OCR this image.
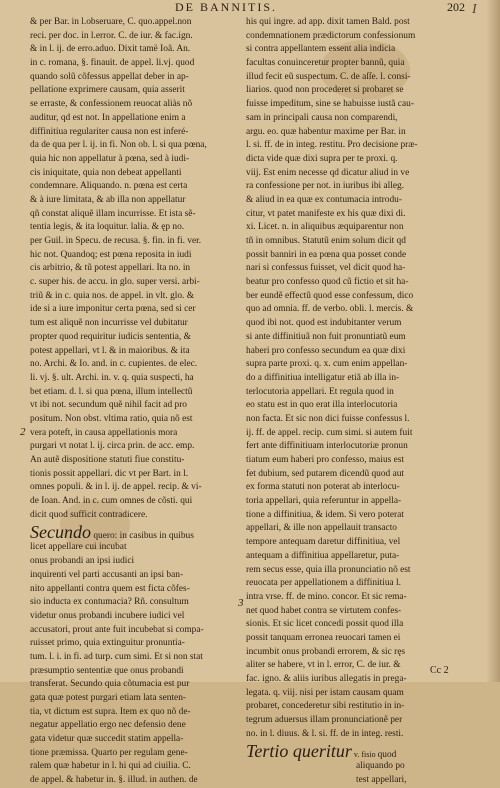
DE BANNITIS.	202 I
& per Bar. in l.obseruare, C. quo.appel.non
reci. per doc. in l.error. C. de iur. & fac.ign.
& in l. ij. de erro.aduo. Dixit tamë Ioã. An.
in c. romana, §. finauit. de appel. li.vj. quod
quando solũ cõfessus appellat deber in ap-
pellatione exprimere causam, quia asserit
se erraste, & confessionem reuocat aliàs nõ
auditur, qd est not. In appellatione enim a
diffinitiua regulariter causa non est inferé-
da de qua per l. ij. in fi. Non ob. l. si qua pœna,
quia hic non appellatur à pœna, sed à iudi-
cis iniquitate, quia non debeat appellanti
condemnare. Aliquando. n. pœna est certa
& à iure limitata, & ab illa non appellatur
qñ constat aliquẽ illam incurrisse. Et ista sẽ-
tentia legis, & ita loquitur. lalia. & ęp no.
per Guil. in Specu. de recusa. §. fin. in fi. ver.
hic not. Quandoq; est pœna reposita in iudi
cis arbitrio, & tũ potest appellari. Ita no. in
c. super his. de accu. in glo. super versi. arbi-
triũ & in c. quia nos. de appel. in vlt. glo. &
ide si a iure imponitur certa pœna, sed si cer
tum est aliquẽ non incurrisse vel dubitatur
propter quod requiritur iudicis sententia, &
potest appellari, vt l. & in maioribus. & ita
no. Archi. & Io. and. in c. cupientes. de elec.
li. vj. §. ult. Archi. in. v. q. quia suspecti, ha
bet etiam. d. l. si qua pœna, illum intellectũ
vt ibi not. secundum quẽ nihil facit ad pro
positum. Non obst. vltima ratio, quia nõ est
vera poteft, in causa appellationis mora
purgari vt notat l. ij. circa prin. de acc. emp.
An autẽ dispositione statuti fiue constitu-
tionis possit appellari. dic vt per Bart. in l.
omnes populi. & in l. ij. de appel. recip. & vi-
de Ioan. And. in c. cum omnes de cõsti. qui
dicit quod sufficit contradicere.
Secundo quero: in casibus in quibus
licet appellare cui incubat
onus probandi an ipsi iudici
inquirenti vel parti accusanti an ipsi ban-
nito appellanti contra quem est ficta cõfes-
sio inducta ex contumacia? Rñ. consultum
videtur onus probandi incubere iudici vel
accusatori, prout ante fuit incubebat si compa-
ruisset primo, quia extinguitur pronuntia-
tum. l. i. in fi. ad turp. cum simi. Et si non stat
præsumptio sententiæ que onus probandi
transferat. Secundo quia cõtumacia est pur
gata quæ potest purgari etiam lata senten-
tia, vt dictum est supra. Item ex quo nõ de-
negatur appellatio ergo nec defensio dene
gata videtur quæ succedit statim appella-
tione præmissa. Quarto per regulam gene-
ralem quæ habetur in l. hi qui ad ciuilia. C.
de appel. & habetur in. §. illud. in authen. de
his qui ingre. ad app. dixit tamen Bald. post
condemnationem prædictorum confessionum
si contra appellantem essent alia indicia
facultas conuinceretur propter bannũ, quia
illud fecit eũ suspectum. C. de aſſe. l. consi-
liarios. quod non procederet si probaret se
fuisse impeditum, sine se habuisse iustã cau-
sam in principali causa non comparendi,
argu. eo. quæ habentur maxime per Bar. in
l. si. ff. de in integ. restitu. Pro decisione præ-
dicta vide quæ dixi supra per te proxi. q.
viij. Est enim necesse qd dicatur aliud in ve
ra confessione per not. in iuribus ibi alleg.
& aliud in ea quæ ex contumacia introdu-
citur, vt patet manifeste ex his quæ dixi di.
xi. Licet. n. in aliquibus æquiparentur non
tñ in omnibus. Statutũ enim solum dicit qd
possit banniri in ea pœna qua posset conde
nari si confessus fuisset, vel dicit quod ha-
beatur pro confesso quod cũ fictio et sit ha-
ber eundẽ effectũ quod esse confessum, dico
quo ad omnia. ff. de verbo. obli. l. mercis. &
quod ibi not. quod est indubitanter verum
si ante diffinitiuã non fuit pronuntiatũ eum
haberi pro confesso secundum ea quæ dixi
supra parte proxi. q. x. cum enim appellan-
do a diffinitiua intelligatur etiã ab illa in-
terlocutoria appellari. Et regula quod in
eo statu est in quo erat illa interlocutoria
non facta. Et sic non dici fuisse confessus l.
ij. ff. de appel. recip. cum simi. si autem fuit
fert ante diffinitiuam interlocutoriæ pronun
tiatum eum haberi pro confesso, maius est
fet dubium, sed putarem dicendũ quod aut
ex forma statuti non poterat ab interlocu-
toria appellari, quia referuntur in appella-
tione a diffinitiua, & idem. Si vero poterat
appellari, & ille non appellauit transacto
tempore antequam daretur diffinitiua, vel
antequam a diffinitiua appellaretur, puta-
rem secus esse, quia illa pronunciatio nõ est
reuocata per appellationem a diffinitiua l.
intra vrse. ff. de mino. concor. Et sic rema-
net quod habet contra se virtutem confes-
sionis. Et sic licet concedi possit quod illa
possit tanquam erronea reuocari tamen ei
incumbit onus probandi errorem, & sic ręs
aliter se habere, vt in l. error, C. de iur. &
fac. igno. & aliis iuribus allegatis in prega-
legata. q. viij. nisi per istam causam quam
probaret, concederetur sibi restitutio in in-
tegrum aduersus illam pronunciationẽ per
no. in l. diuus. & l. si. ff. de in integ. resti.
Tertio queritur v. fisio quod
aliquando po
test appellari,
2
3
Cc 2
